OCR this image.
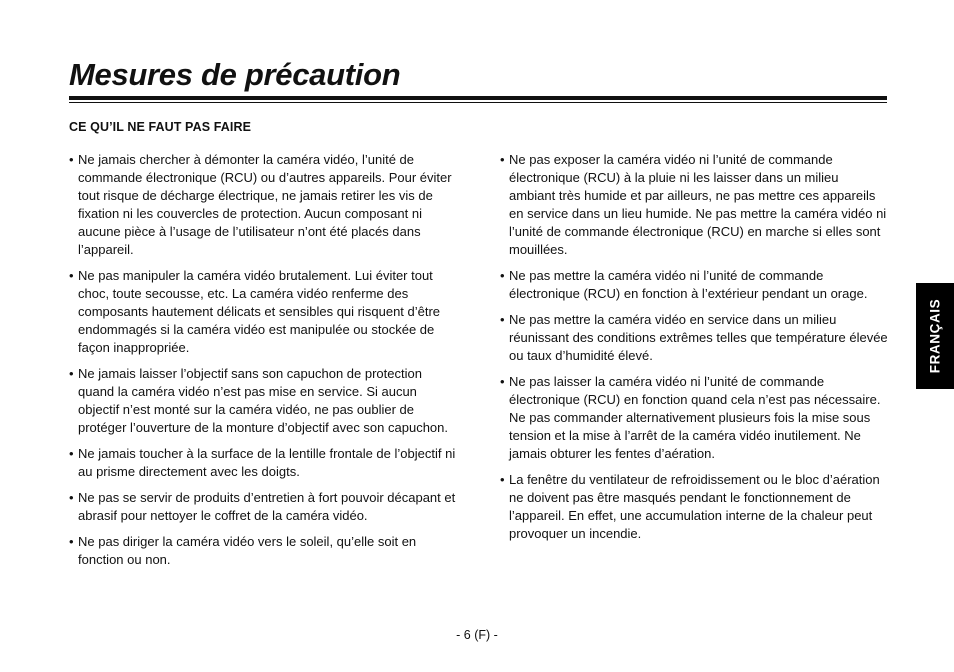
Mesures de précaution
CE QU’IL NE FAUT PAS FAIRE
• Ne jamais chercher à démonter la caméra vidéo, l’unité de commande électronique (RCU) ou d’autres appareils. Pour éviter tout risque de décharge électrique, ne jamais retirer les vis de fixation ni les couvercles de protection. Aucun composant ni aucune pièce à l’usage de l’utilisateur n’ont été placés dans l’appareil.
• Ne pas manipuler la caméra vidéo brutalement. Lui éviter tout choc, toute secousse, etc. La caméra vidéo renferme des composants hautement délicats et sensibles qui risquent d’être endommagés si la caméra vidéo est manipulée ou stockée de façon inappropriée.
• Ne jamais laisser l’objectif sans son capuchon de protection quand la caméra vidéo n’est pas mise en service. Si aucun objectif n’est monté sur la caméra vidéo, ne pas oublier de protéger l’ouverture de la monture d’objectif avec son capuchon.
• Ne jamais toucher à la surface de la lentille frontale de l’objectif ni au prisme directement avec les doigts.
• Ne pas se servir de produits d’entretien à fort pouvoir décapant et abrasif pour nettoyer le coffret de la caméra vidéo.
• Ne pas diriger la caméra vidéo vers le soleil, qu’elle soit en fonction ou non.
• Ne pas exposer la caméra vidéo ni l’unité de commande électronique (RCU) à la pluie ni les laisser dans un milieu ambiant très humide et par ailleurs, ne pas mettre ces appareils en service dans un lieu humide. Ne pas mettre la caméra vidéo ni l’unité de commande électronique (RCU) en marche si elles sont mouillées.
• Ne pas mettre la caméra vidéo ni l’unité de commande électronique (RCU) en fonction à l’extérieur pendant un orage.
• Ne pas mettre la caméra vidéo en service dans un milieu réunissant des conditions extrêmes telles que température élevée ou taux d’humidité élevé.
• Ne pas laisser la caméra vidéo ni l’unité de commande électronique (RCU) en fonction quand cela n’est pas nécessaire. Ne pas commander alternativement plusieurs fois la mise sous tension et la mise à l’arrêt de la caméra vidéo inutilement. Ne jamais obturer les fentes d’aération.
• La fenêtre du ventilateur de refroidissement ou le bloc d’aération ne doivent pas être masqués pendant le fonctionnement de l’appareil. En effet, une accumulation interne de la chaleur peut provoquer un incendie.
FRANÇAIS
- 6 (F) -
